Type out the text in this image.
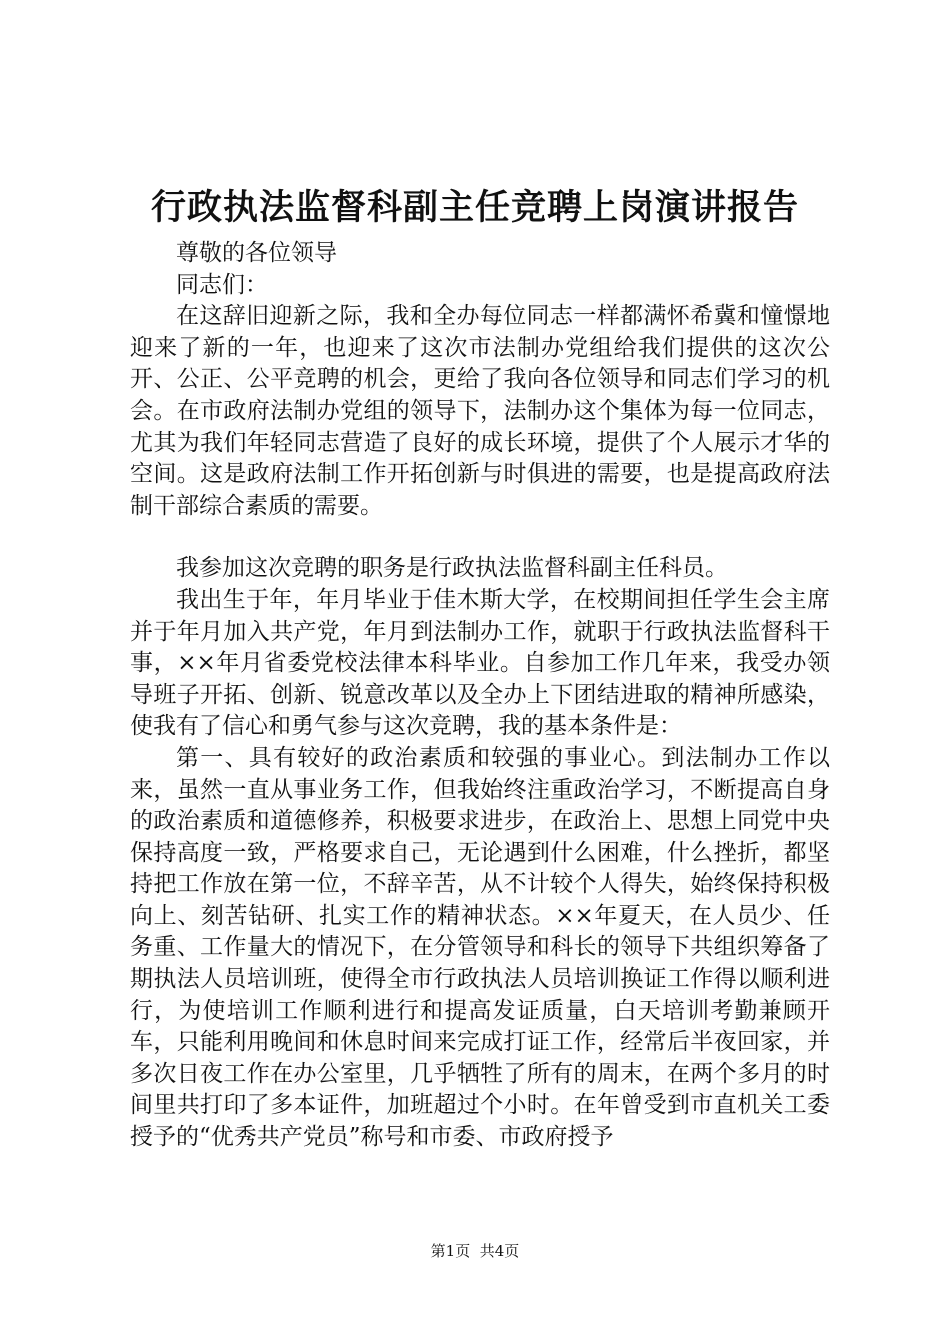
行政执法监督科副主任竞聘上岗演讲报告

尊敬的各位领导

同志们：

在这辞旧迎新之际，我和全办每位同志一样都满怀希冀和憧憬地迎来了新的一年，也迎来了这次市法制办党组给我们提供的这次公开、公正、公平竞聘的机会，更给了我向各位领导和同志们学习的机会。在市政府法制办党组的领导下，法制办这个集体为每一位同志，尤其为我们年轻同志营造了良好的成长环境，提供了个人展示才华的空间。这是政府法制工作开拓创新与时俱进的需要，也是提高政府法制干部综合素质的需要。

我参加这次竞聘的职务是行政执法监督科副主任科员。

我出生于年，年月毕业于佳木斯大学，在校期间担任学生会主席并于年月加入共产党，年月到法制办工作，就职于行政执法监督科干事，××年月省委党校法律本科毕业。自参加工作几年来，我受办领导班子开拓、创新、锐意改革以及全办上下团结进取的精神所感染，使我有了信心和勇气参与这次竞聘，我的基本条件是：

第一、具有较好的政治素质和较强的事业心。到法制办工作以来，虽然一直从事业务工作，但我始终注重政治学习，不断提高自身的政治素质和道德修养，积极要求进步，在政治上、思想上同党中央保持高度一致，严格要求自己，无论遇到什么困难，什么挫折，都坚持把工作放在第一位，不辞辛苦，从不计较个人得失，始终保持积极向上、刻苦钻研、扎实工作的精神状态。××年夏天，在人员少、任务重、工作量大的情况下，在分管领导和科长的领导下共组织筹备了期执法人员培训班，使得全市行政执法人员培训换证工作得以顺利进行，为使培训工作顺利进行和提高发证质量，白天培训考勤兼顾开车，只能利用晚间和休息时间来完成打证工作，经常后半夜回家，并多次日夜工作在办公室里，几乎牺牲了所有的周末，在两个多月的时间里共打印了多本证件，加班超过个小时。在年曾受到市直机关工委授予的“优秀共产党员”称号和市委、市政府授予

第1页 共4页
